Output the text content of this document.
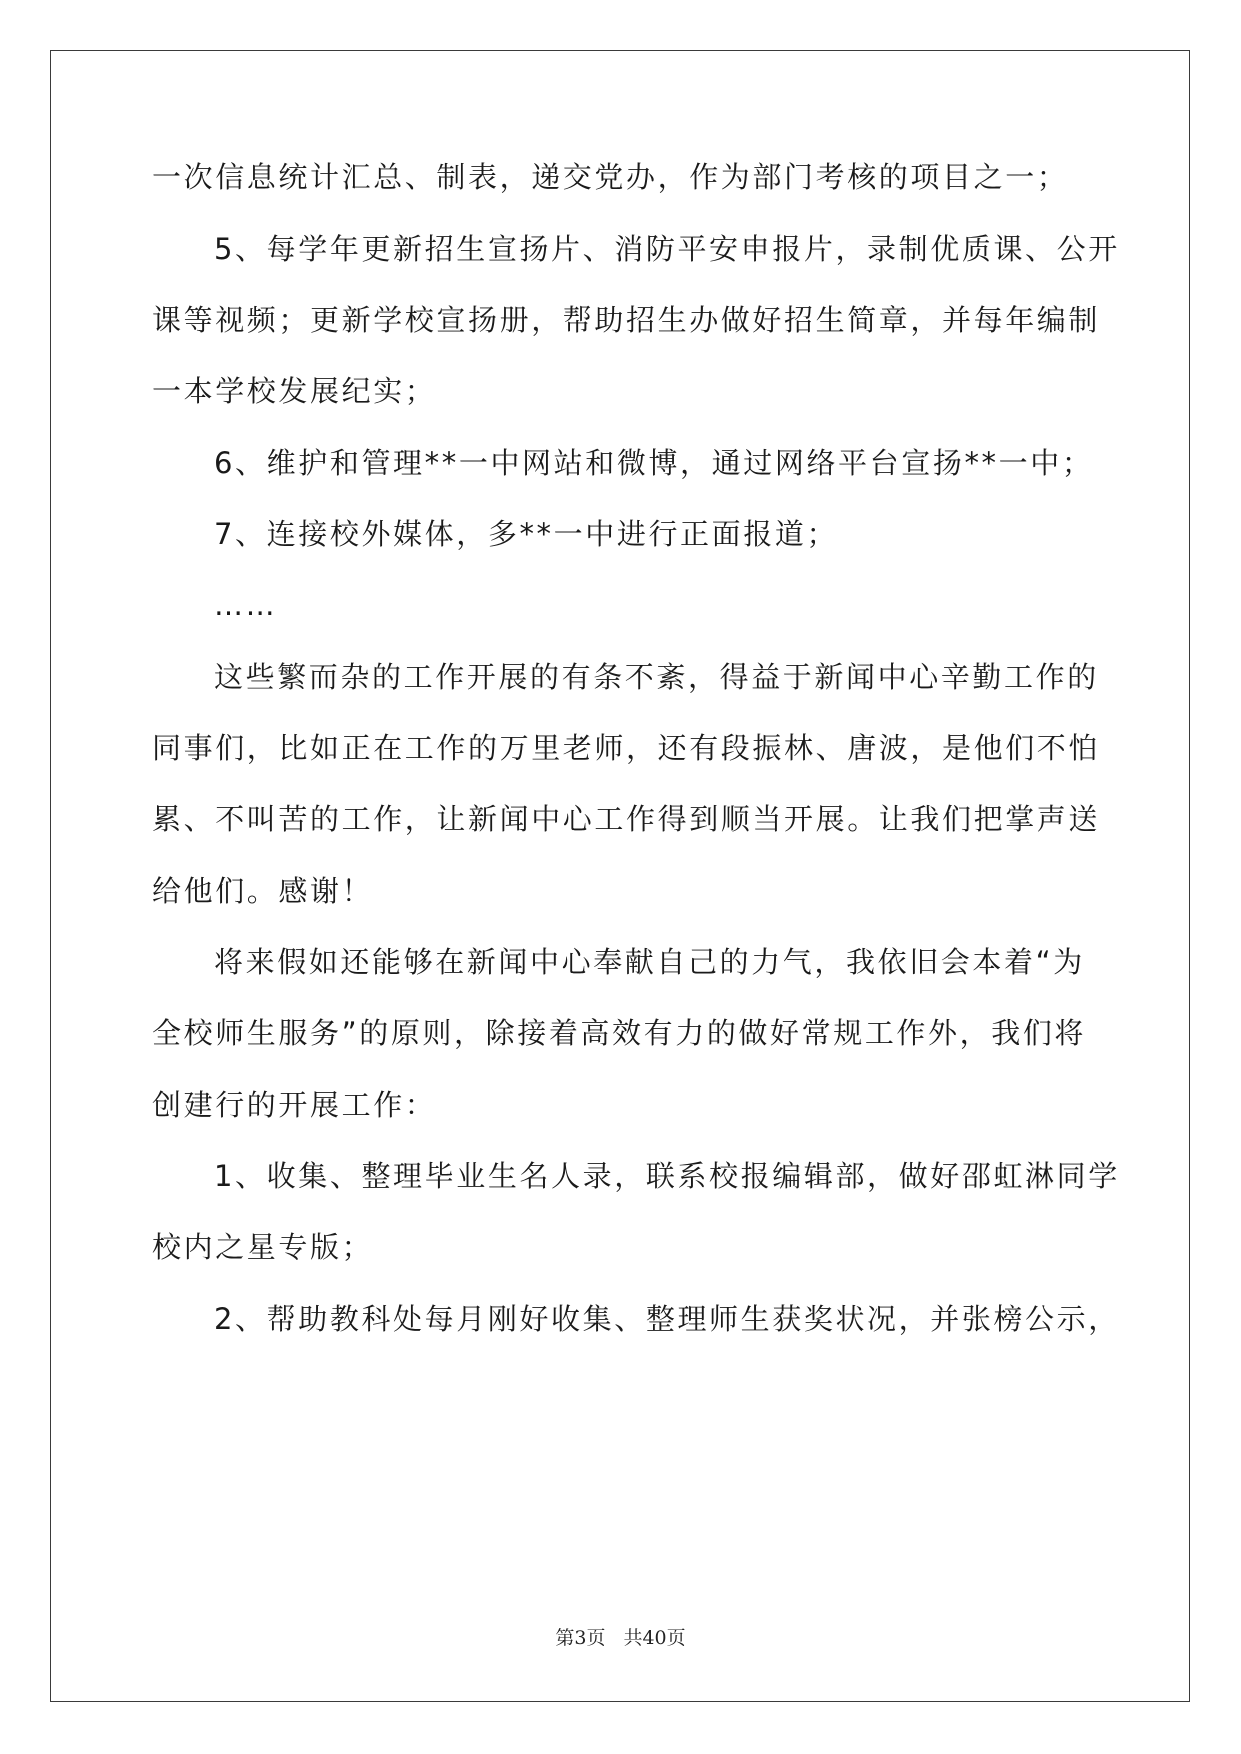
一次信息统计汇总、制表，递交党办，作为部门考核的项目之一；
5、每学年更新招生宣扬片、消防平安申报片，录制优质课、公开
课等视频；更新学校宣扬册，帮助招生办做好招生简章，并每年编制
一本学校发展纪实；
6、维护和管理**一中网站和微博，通过网络平台宣扬**一中；
7、连接校外媒体，多**一中进行正面报道；
……
这些繁而杂的工作开展的有条不紊，得益于新闻中心辛勤工作的
同事们，比如正在工作的万里老师，还有段振林、唐波，是他们不怕
累、不叫苦的工作，让新闻中心工作得到顺当开展。让我们把掌声送
给他们。感谢！
将来假如还能够在新闻中心奉献自己的力气，我依旧会本着“为
全校师生服务”的原则，除接着高效有力的做好常规工作外，我们将
创建行的开展工作：
1、收集、整理毕业生名人录，联系校报编辑部，做好邵虹淋同学
校内之星专版；
2、帮助教科处每月刚好收集、整理师生获奖状况，并张榜公示，
第3页 共40页
